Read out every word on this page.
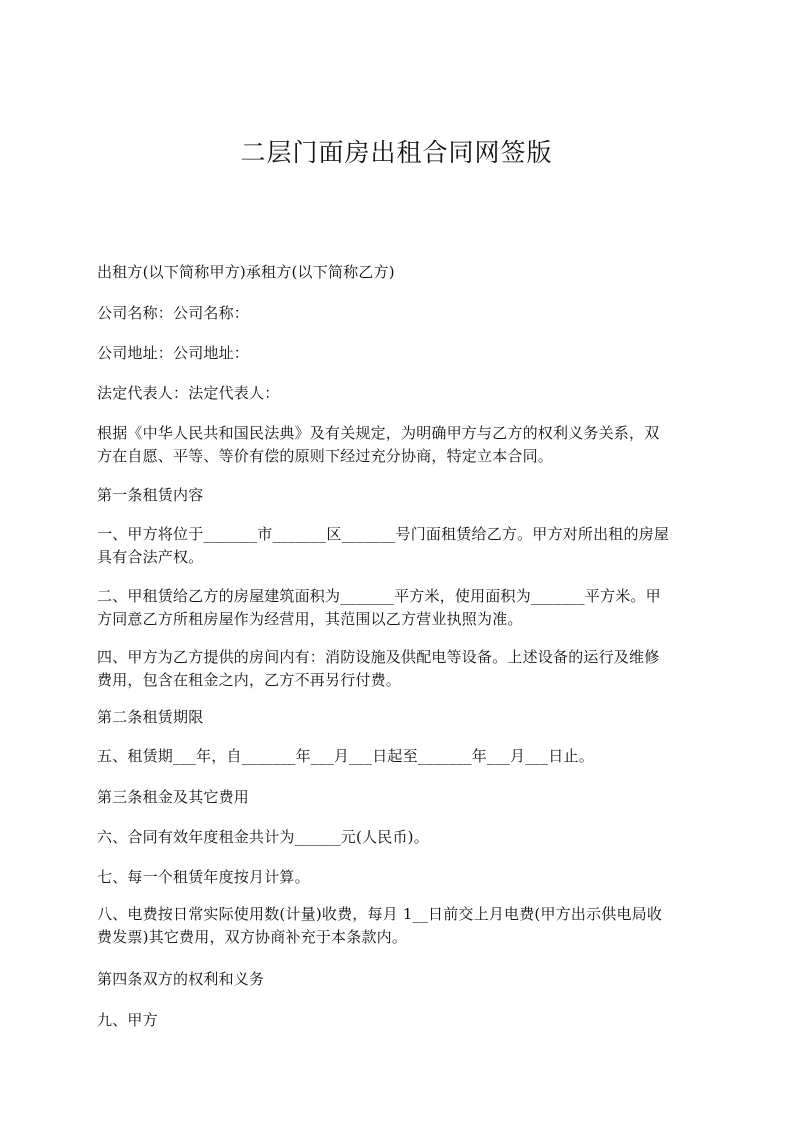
二层门面房出租合同网签版
出租方(以下简称甲方)承租方(以下简称乙方)
公司名称：公司名称：
公司地址：公司地址：
法定代表人：法定代表人：
根据《中华人民共和国民法典》及有关规定，为明确甲方与乙方的权利义务关系，双
方在自愿、平等、等价有偿的原则下经过充分协商，特定立本合同。
第一条租赁内容
一、甲方将位于_______市_______区_______号门面租赁给乙方。甲方对所出租的房屋
具有合法产权。
二、甲租赁给乙方的房屋建筑面积为_______平方米，使用面积为_______平方米。甲
方同意乙方所租房屋作为经营用，其范围以乙方营业执照为准。
四、甲方为乙方提供的房间内有：消防设施及供配电等设备。上述设备的运行及维修
费用，包含在租金之内，乙方不再另行付费。
第二条租赁期限
五、租赁期___年，自_______年___月___日起至_______年___月___日止。
第三条租金及其它费用
六、合同有效年度租金共计为______元(人民币)。
七、每一个租赁年度按月计算。
八、电费按日常实际使用数(计量)收费，每月 1__日前交上月电费(甲方出示供电局收
费发票)其它费用，双方协商补充于本条款内。
第四条双方的权利和义务
九、甲方
